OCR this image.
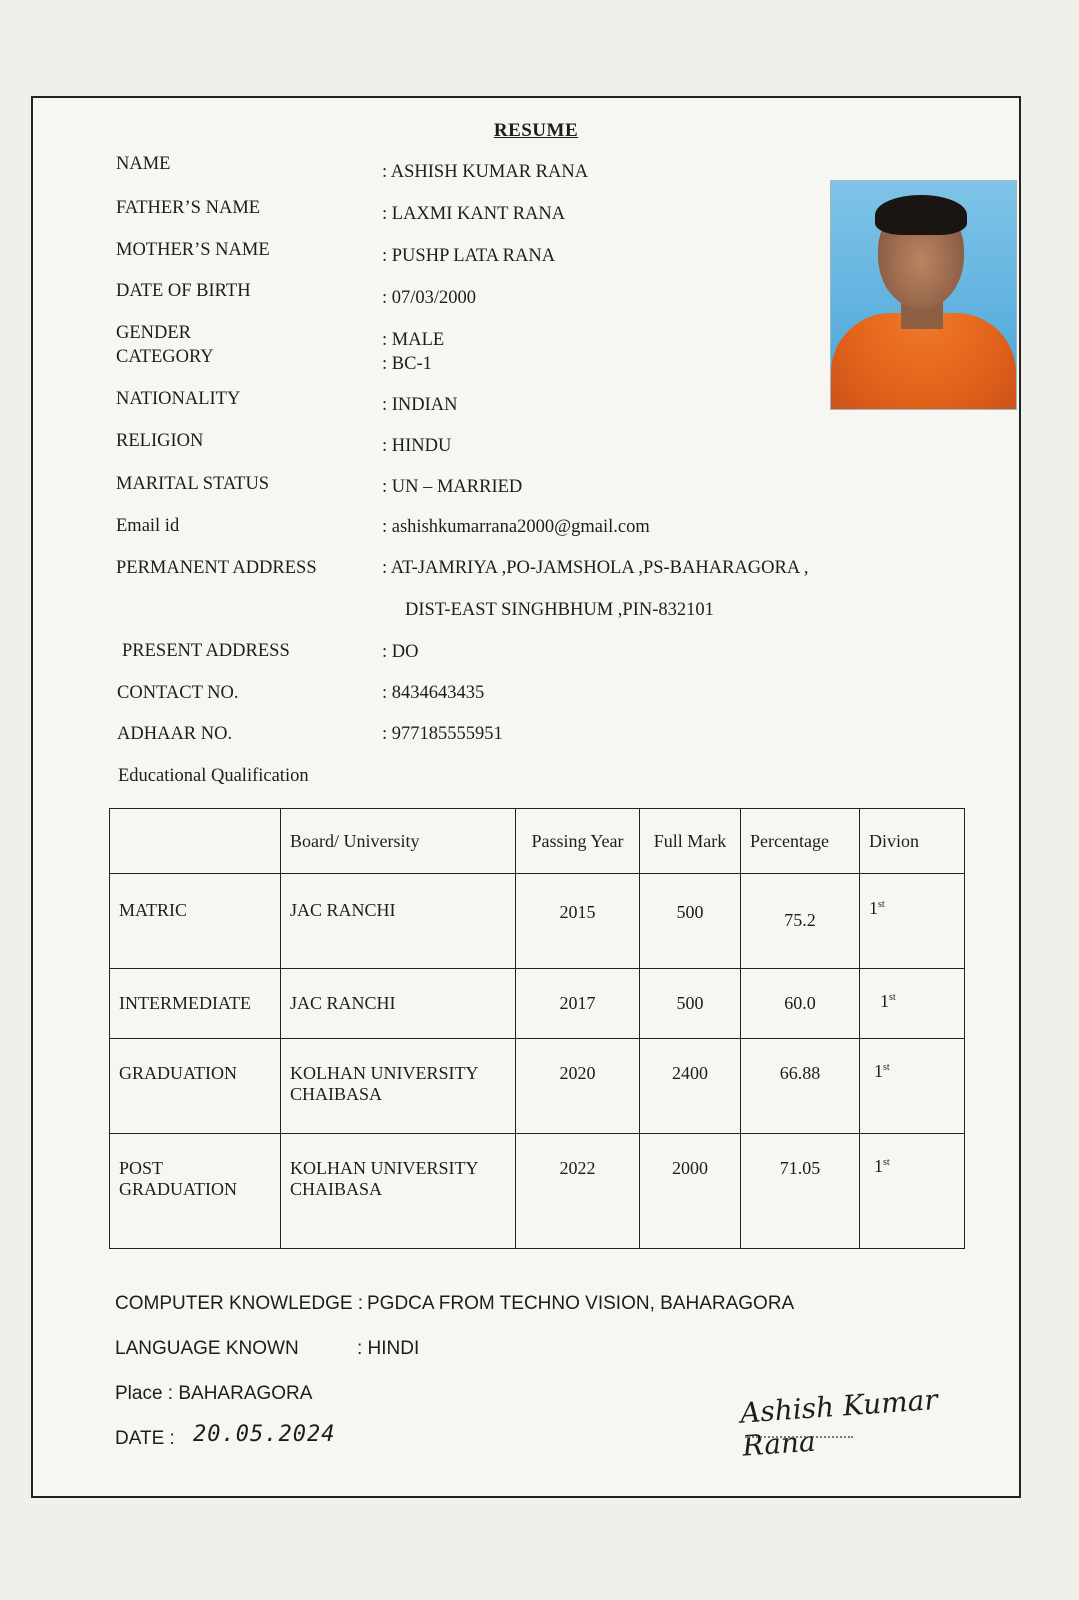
RESUME
NAME	: ASHISH KUMAR RANA
FATHER’S NAME	: LAXMI KANT RANA
MOTHER’S NAME	: PUSHP LATA RANA
DATE OF BIRTH	: 07/03/2000
GENDER	: MALE
CATEGORY	: BC-1
NATIONALITY	: INDIAN
RELIGION	: HINDU
MARITAL STATUS	: UN – MARRIED
Email id	: ashishkumarrana2000@gmail.com
PERMANENT ADDRESS	: AT-JAMRIYA ,PO-JAMSHOLA ,PS-BAHARAGORA ,
DIST-EAST SINGHBHUM ,PIN-832101
PRESENT ADDRESS	: DO
CONTACT NO.	: 8434643435
ADHAAR NO.	: 977185555951
Educational Qualification
	Board/ University	Passing Year	Full Mark	Percentage	Divion
MATRIC	JAC RANCHI	2015	500	75.2	1st
INTERMEDIATE	JAC RANCHI	2017	500	60.0	1st
GRADUATION	KOLHAN UNIVERSITY CHAIBASA	2020	2400	66.88	1st
POST GRADUATION	KOLHAN UNIVERSITY CHAIBASA	2022	2000	71.05	1st
COMPUTER KNOWLEDGE : PGDCA FROM TECHNO VISION, BAHARAGORA
LANGUAGE KNOWN	: HINDI
Place : BAHARAGORA
DATE : 20.05.2024
Ashish Kumar Rana
